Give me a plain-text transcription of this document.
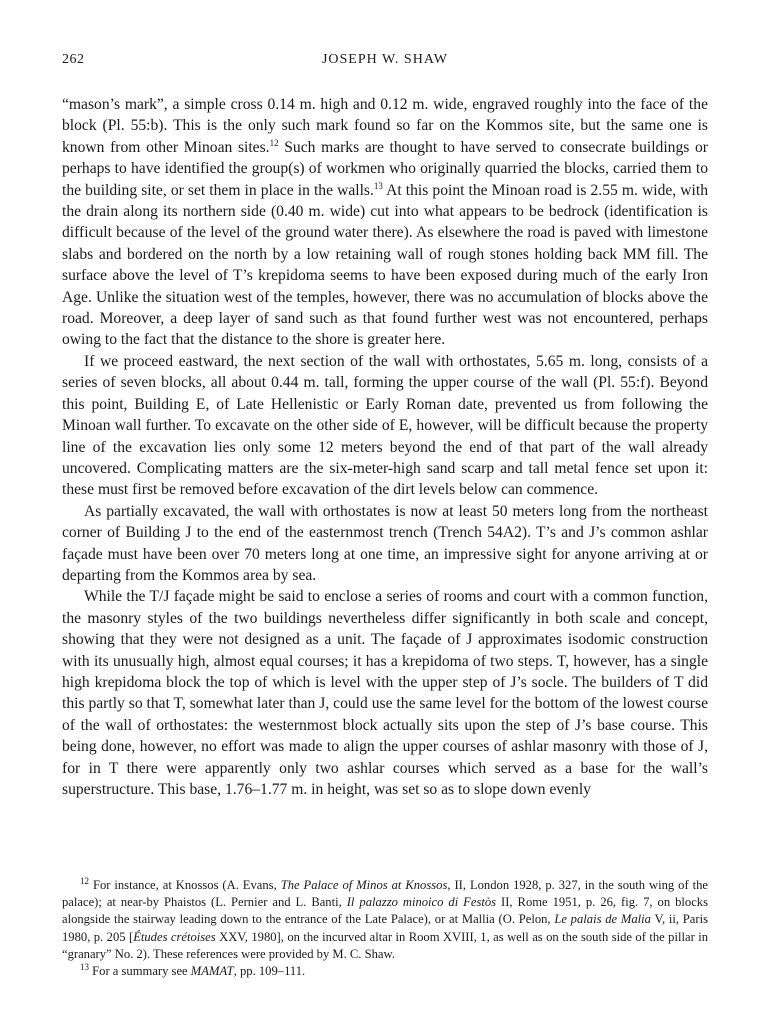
262	JOSEPH W. SHAW

“mason’s mark”, a simple cross 0.14 m. high and 0.12 m. wide, engraved roughly into the face of the block (Pl. 55:b). This is the only such mark found so far on the Kommos site, but the same one is known from other Minoan sites.$^{12}$ Such marks are thought to have served to consecrate buildings or perhaps to have identified the group(s) of workmen who originally quarried the blocks, carried them to the building site, or set them in place in the walls.$^{13}$ At this point the Minoan road is 2.55 m. wide, with the drain along its northern side (0.40 m. wide) cut into what appears to be bedrock (identification is difficult because of the level of the ground water there). As elsewhere the road is paved with limestone slabs and bordered on the north by a low retaining wall of rough stones holding back MM fill. The surface above the level of T’s krepidoma seems to have been exposed during much of the early Iron Age. Unlike the situation west of the temples, however, there was no accumulation of blocks above the road. Moreover, a deep layer of sand such as that found further west was not encountered, perhaps owing to the fact that the distance to the shore is greater here.

If we proceed eastward, the next section of the wall with orthostates, 5.65 m. long, consists of a series of seven blocks, all about 0.44 m. tall, forming the upper course of the wall (Pl. 55:f). Beyond this point, Building E, of Late Hellenistic or Early Roman date, prevented us from following the Minoan wall further. To excavate on the other side of E, however, will be difficult because the property line of the excavation lies only some 12 meters beyond the end of that part of the wall already uncovered. Complicating matters are the six-meter-high sand scarp and tall metal fence set upon it: these must first be removed before excavation of the dirt levels below can commence.

As partially excavated, the wall with orthostates is now at least 50 meters long from the northeast corner of Building J to the end of the easternmost trench (Trench 54A2). T’s and J’s common ashlar façade must have been over 70 meters long at one time, an impressive sight for anyone arriving at or departing from the Kommos area by sea.

While the T/J façade might be said to enclose a series of rooms and court with a common function, the masonry styles of the two buildings nevertheless differ significantly in both scale and concept, showing that they were not designed as a unit. The façade of J approximates isodomic construction with its unusually high, almost equal courses; it has a krepidoma of two steps. T, however, has a single high krepidoma block the top of which is level with the upper step of J’s socle. The builders of T did this partly so that T, somewhat later than J, could use the same level for the bottom of the lowest course of the wall of orthostates: the westernmost block actually sits upon the step of J’s base course. This being done, however, no effort was made to align the upper courses of ashlar masonry with those of J, for in T there were apparently only two ashlar courses which served as a base for the wall’s superstructure. This base, 1.76–1.77 m. in height, was set so as to slope down evenly

$^{12}$ For instance, at Knossos (A. Evans, The Palace of Minos at Knossos, II, London 1928, p. 327, in the south wing of the palace); at near-by Phaistos (L. Pernier and L. Banti, Il palazzo minoico di Festòs II, Rome 1951, p. 26, fig. 7, on blocks alongside the stairway leading down to the entrance of the Late Palace), or at Mallia (O. Pelon, Le palais de Malia V, ii, Paris 1980, p. 205 [Études crétoises XXV, 1980], on the incurved altar in Room XVIII, 1, as well as on the south side of the pillar in “granary” No. 2). These references were provided by M. C. Shaw.

$^{13}$ For a summary see MAMAT, pp. 109–111.
